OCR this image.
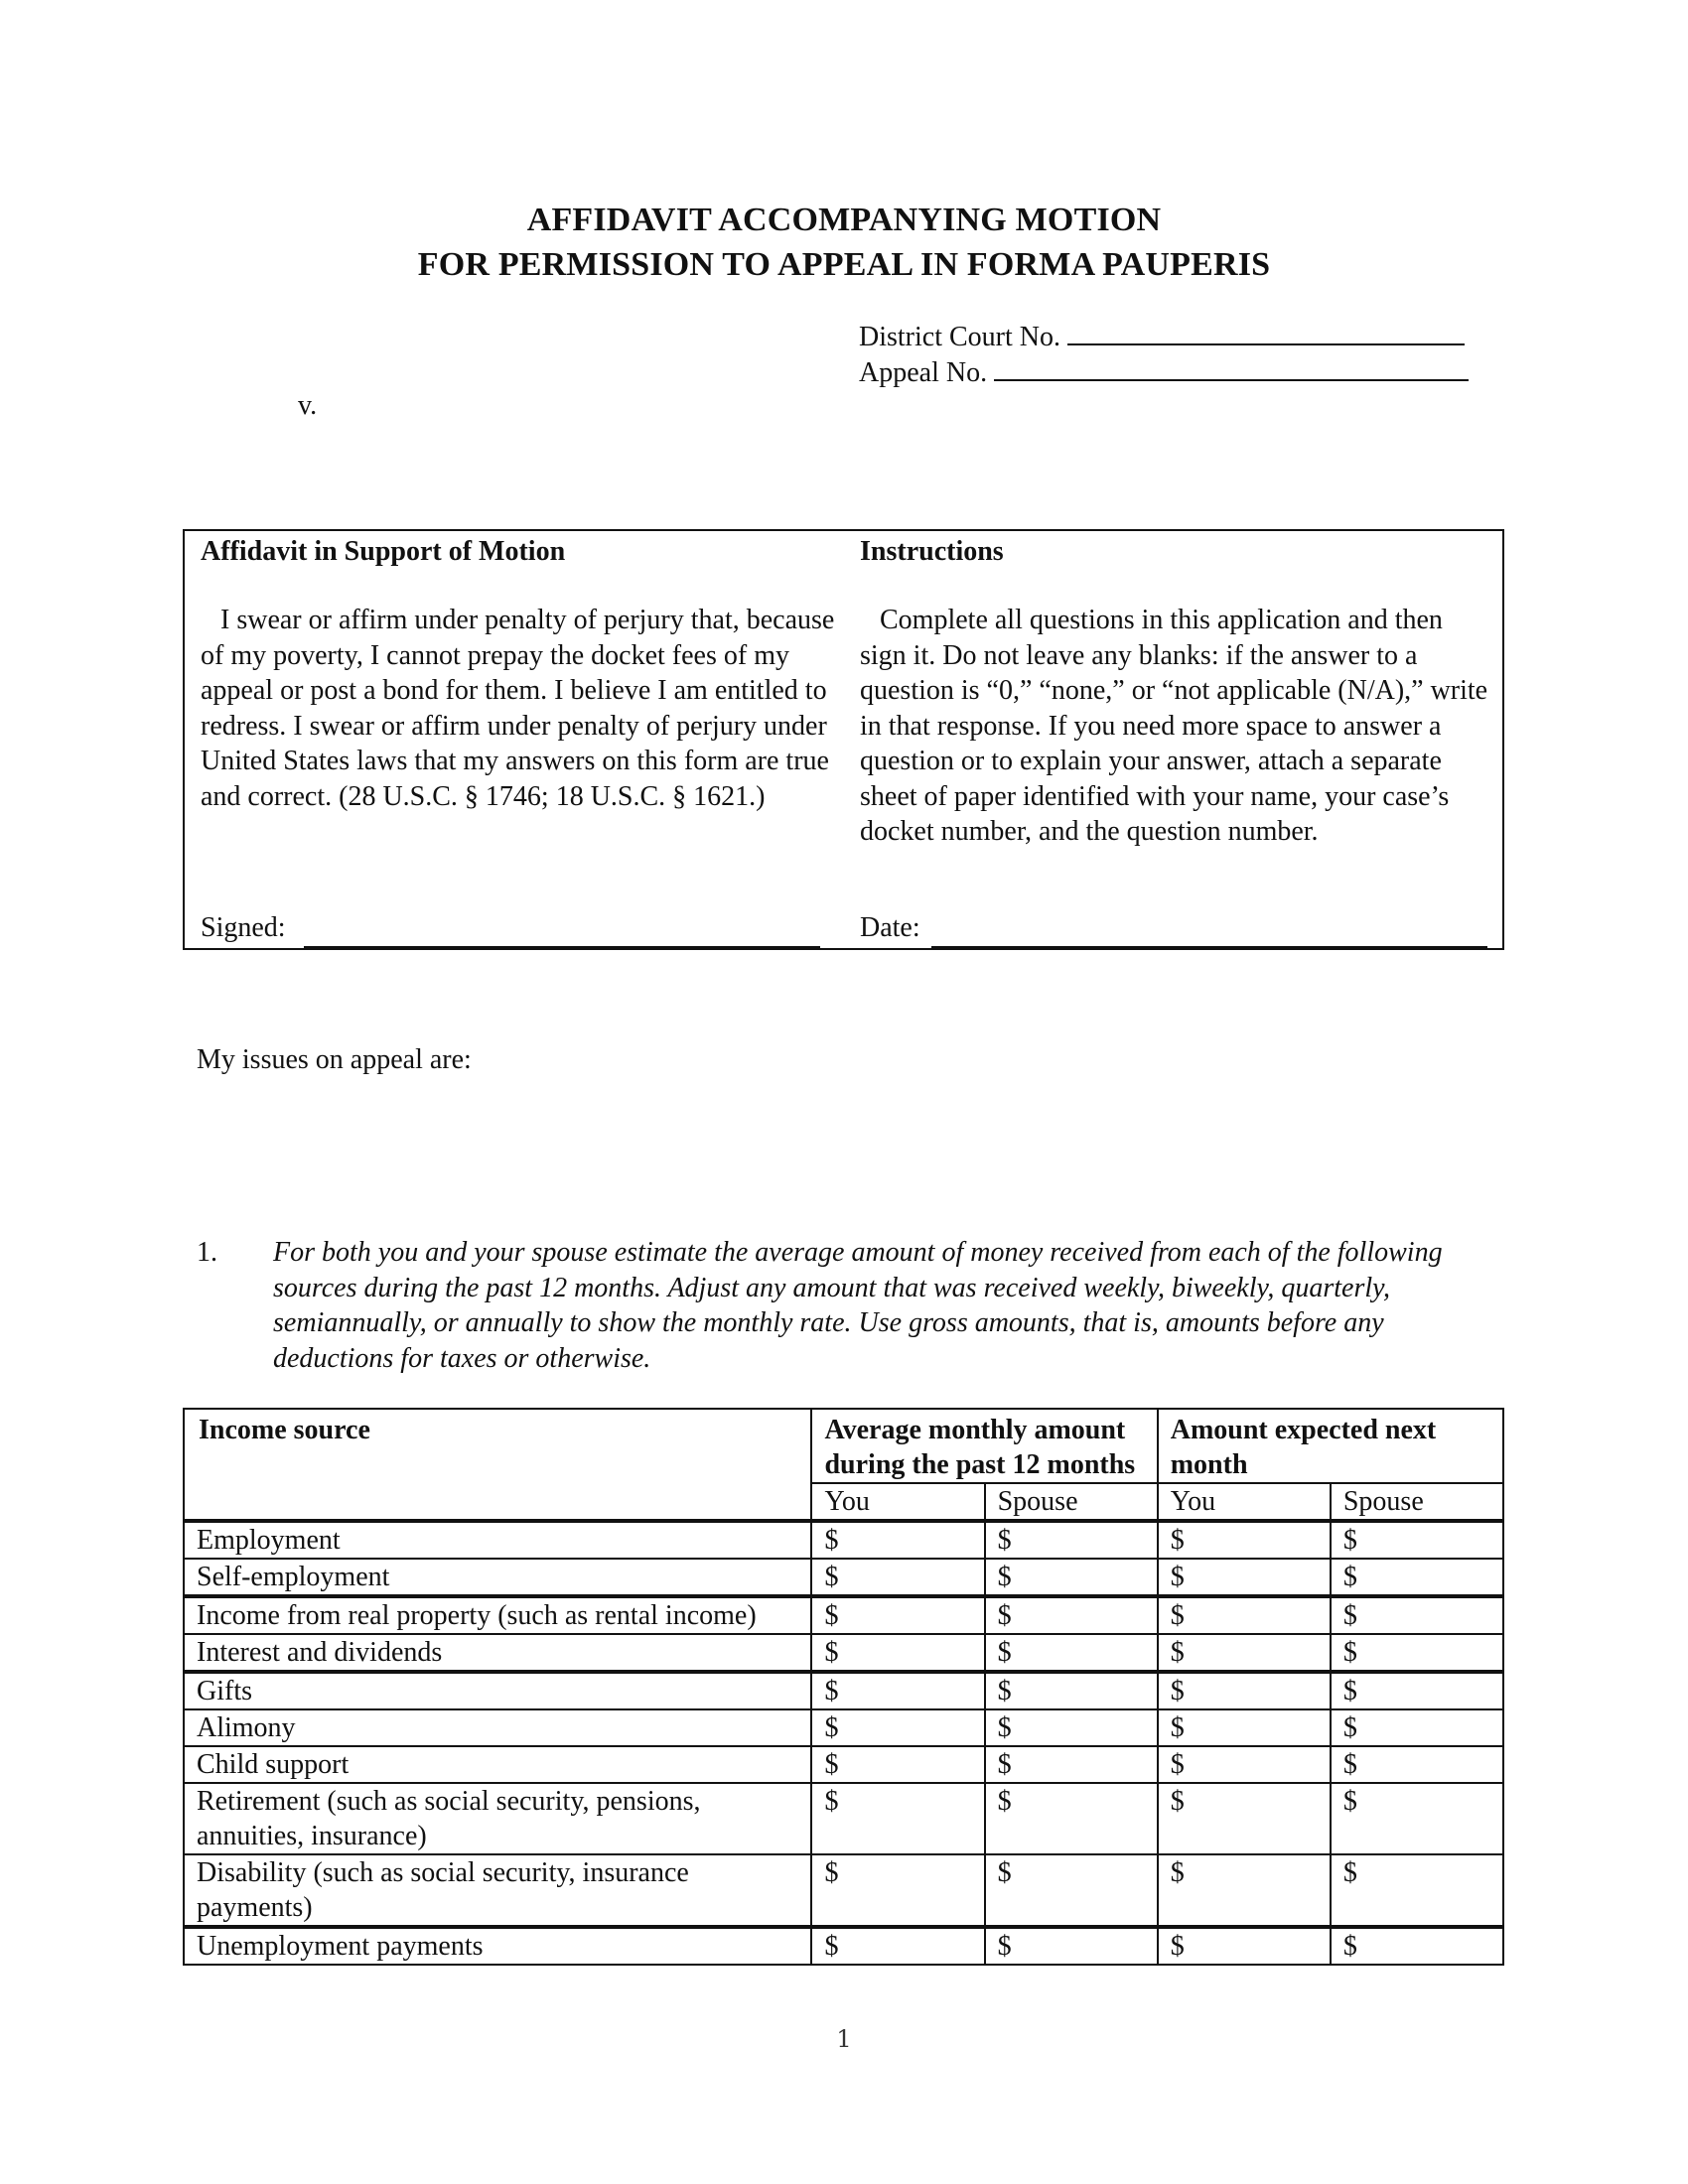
AFFIDAVIT ACCOMPANYING MOTION
FOR PERMISSION TO APPEAL IN FORMA PAUPERIS
District Court No.
Appeal No.
v.
Affidavit in Support of Motion

I swear or affirm under penalty of perjury that, because of my poverty, I cannot prepay the docket fees of my appeal or post a bond for them. I believe I am entitled to redress. I swear or affirm under penalty of perjury under United States laws that my answers on this form are true and correct. (28 U.S.C. § 1746; 18 U.S.C. § 1621.)

Instructions

Complete all questions in this application and then sign it. Do not leave any blanks: if the answer to a question is “0,” “none,” or “not applicable (N/A),” write in that response. If you need more space to answer a question or to explain your answer, attach a separate sheet of paper identified with your name, your case’s docket number, and the question number.

Signed:	Date:
My issues on appeal are:
1. For both you and your spouse estimate the average amount of money received from each of the following sources during the past 12 months. Adjust any amount that was received weekly, biweekly, quarterly, semiannually, or annually to show the monthly rate. Use gross amounts, that is, amounts before any deductions for taxes or otherwise.
Income source	Average monthly amount during the past 12 months		Amount expected next month	
	You	Spouse	You	Spouse
Employment	$	$	$	$
Self-employment	$	$	$	$
Income from real property (such as rental income)	$	$	$	$
Interest and dividends	$	$	$	$
Gifts	$	$	$	$
Alimony	$	$	$	$
Child support	$	$	$	$
Retirement (such as social security, pensions, annuities, insurance)	$	$	$	$
Disability (such as social security, insurance payments)	$	$	$	$
Unemployment payments	$	$	$	$
1
